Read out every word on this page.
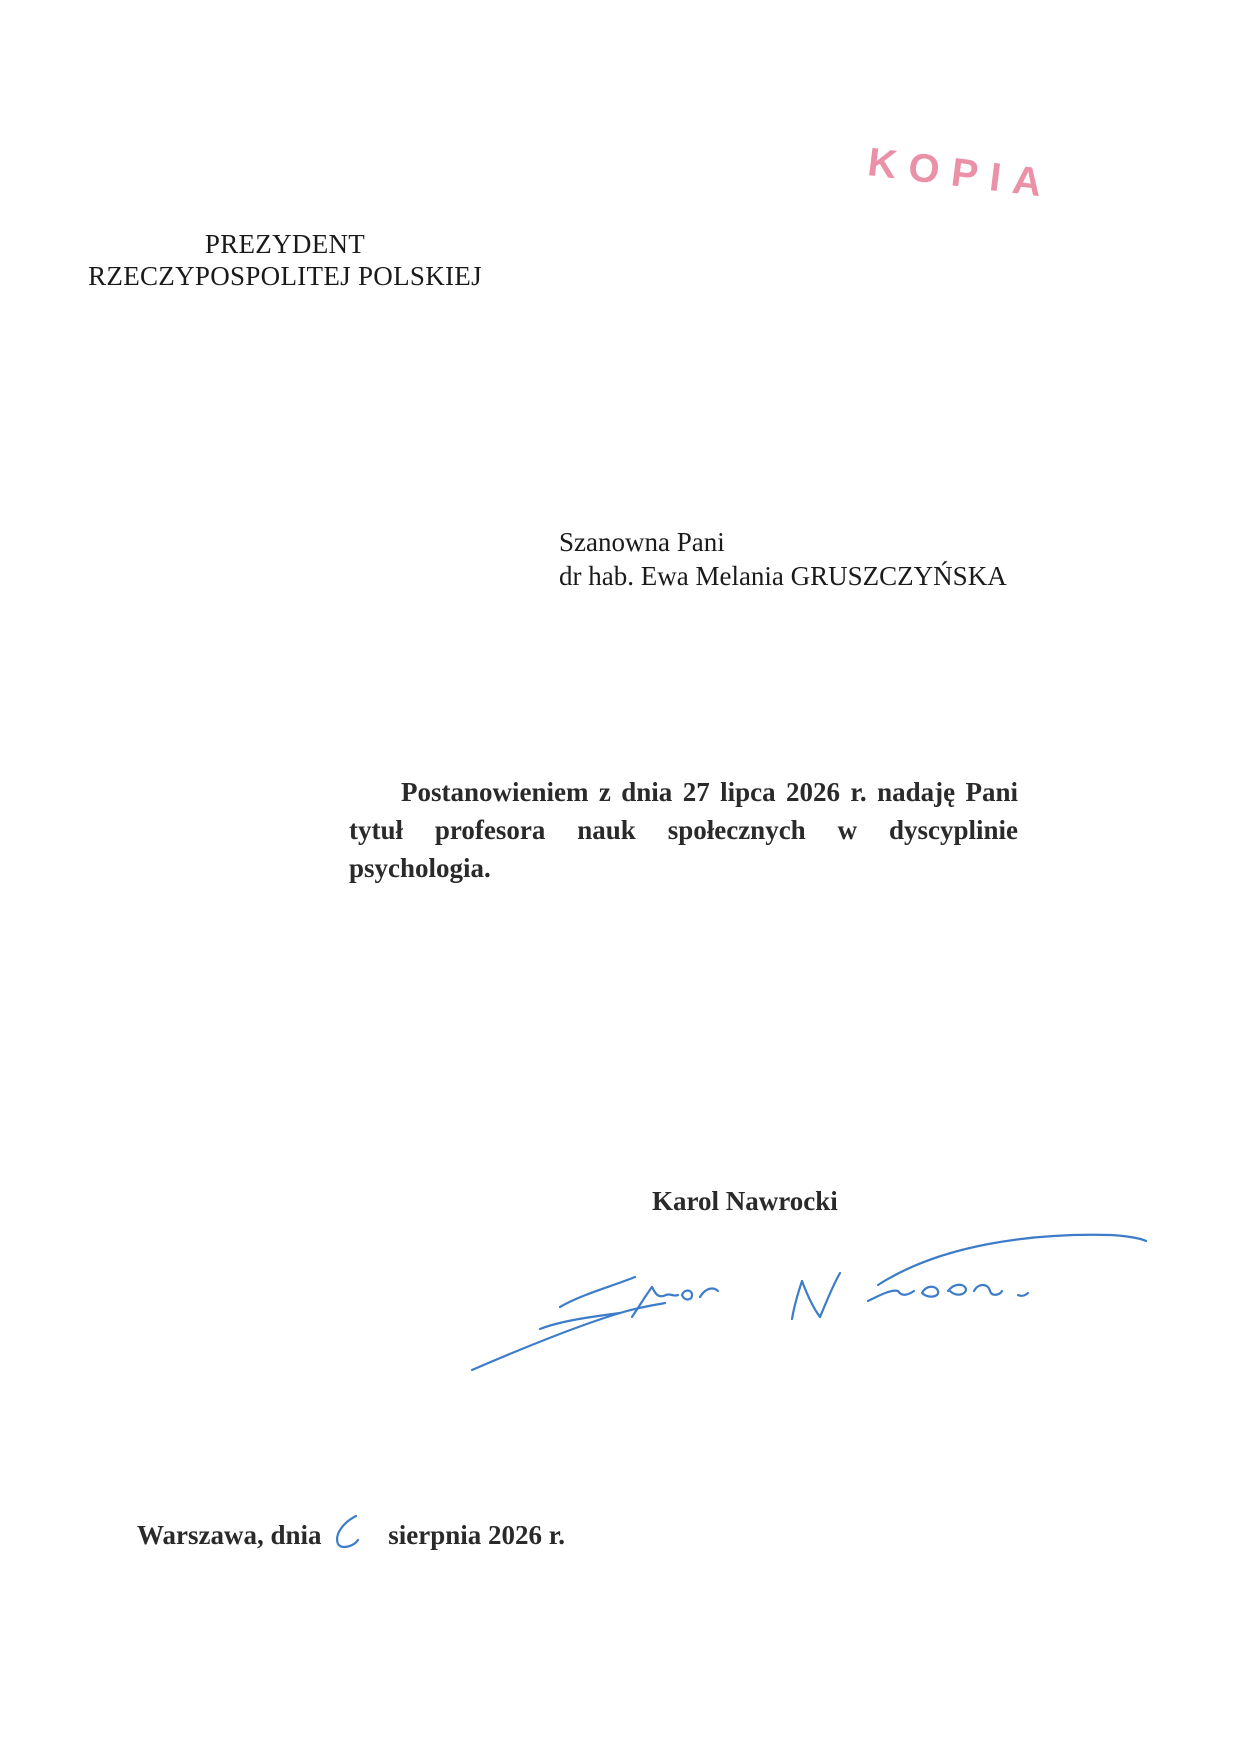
KOPIA
PREZYDENT
RZECZYPOSPOLITEJ POLSKIEJ
Szanowna Pani
dr hab. Ewa Melania GRUSZCZYŃSKA
Postanowieniem z dnia 27 lipca 2026 r. nadaję Pani tytuł profesora nauk społecznych w dyscyplinie psychologia.
Karol Nawrocki
Warszawa, dnia sierpnia 2026 r.
